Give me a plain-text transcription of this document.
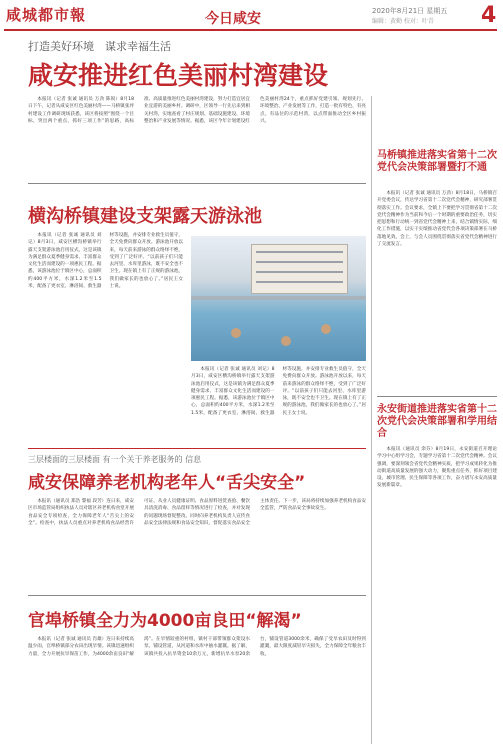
咸城都市報	今日咸安	2020年8月21日 星期五
编辑：黄勤 校对：叶青 4
打造美好环境　谋求幸福生活
咸安推进红色美丽村湾建设

本报讯（记者 张诚 通讯员 万劲 陈锐）8月18日下午，记者从咸安区红色美丽村湾——马桥镇张坪村建设工作调研现场获悉，该区将按照“围绕一个目标、突出两个重点、抓好三项工作”的思路，高标准、高质量推进红色美丽村湾建设，努力打造宜居宜业宜游的美丽乡村。调研中，区领导一行先后来到相关村湾，实地查看了村庄规划、基础设施建设、环境整治和产业发展等情况。据悉，该区今年计划建设红色美丽村湾24个，重点抓好党建引领、规划先行、环境整治、产业发展等工作，打造一批有特色、有亮点、有品位的示范村湾，以点带面推动全区乡村振兴。

横沟桥镇建设支架露天游泳池

本报讯（记者 张诚 通讯员 刘记）8月3日，咸安区横沟桥镇举行露天支架游泳池启用仪式，这是该镇为满足群众夏季健身需求、丰富群众文化生活而建设的一项惠民工程。据悉，该游泳池位于镇区中心，总面积约400平方米，水深1.2米至1.5米，配备了更衣室、淋浴间、救生器材等设施，并安排专业救生员值守，全天免费向群众开放。游泳池开放以来，每天前来游泳的群众络绎不绝，受到了广泛好评。“以前孩子们只能去河里、水库里游泳，既不安全也不卫生。现在镇上有了正规的游泳池，我们做家长的也放心了。”居民王女士说。

本报讯（记者 张诚 通讯员 刘记）8月3日，咸安区横沟桥镇举行露天支架游泳池启用仪式，这是该镇为满足群众夏季健身需求、丰富群众文化生活而建设的一项惠民工程。据悉，该游泳池位于镇区中心，总面积约400平方米，水深1.2米至1.5米，配备了更衣室、淋浴间、救生器材等设施，并安排专业救生员值守，全天免费向群众开放。游泳池开放以来，每天前来游泳的群众络绎不绝，受到了广泛好评。“以前孩子们只能去河里、水库里游泳，既不安全也不卫生。现在镇上有了正规的游泳池，我们做家长的也放心了。”居民王女士说。

三层楼面的三层楼面 有一个关于养老服务的 信息
咸安保障养老机构老年人“舌尖安全”

本报讯（通讯员 郑浩 黎福 段芳）连日来，咸安区市场监管局组织执法人员对辖区养老机构食堂开展食品安全专项检查，全力保障老年人“舌尖上的安全”。检查中，执法人员重点对养老机构食品经营许可证、从业人员健康证明、食品原料进货查验、餐饮具清洗消毒、食品留样等情况进行了检查，并对发现的问题现场督促整改。同时向养老机构负责人宣传食品安全法律法规和食品安全知识，督促落实食品安全主体责任。下一步，该局将持续加强养老机构食品安全监管，严防食品安全事故发生。

官埠桥镇全力为4000亩良田“解渴”

本报讯（记者 张诚 通讯员 肖雄）连日来持续高温少雨，官埠桥镇部分农田出现旱情。该镇迅速组织力量，全力开展抗旱保苗工作，为4000余亩良田“解渴”。在旱情较重的村组，镇村干部带领群众架设水泵、铺设管道，从河道和水库中抽水灌溉。据了解，该镇共投入抗旱资金10余万元，新增抗旱水泵20余台，铺设管道3000余米，确保了受旱农田及时得到灌溉，最大限度减轻旱灾损失，全力保障全年粮食丰收。

马桥镇推进落实省第十二次党代会决策部署暨打不通

本报讯（记者 张诚 通讯员 万劲）8月18日，马桥镇召开党委会议，传达学习省第十二次党代会精神，研究部署贯彻落实工作。会议要求，全镇上下要把学习贯彻省第十二次党代会精神作为当前和今后一个时期的重要政治任务，切实把思想和行动统一到省党代会精神上来，结合镇情实际，细化工作措施，以实干实绩推动省党代会各项决策部署在马桥落地见效。会上，与会人员围绕贯彻落实省党代会精神进行了交流发言。

永安街道推进落实省第十二次党代会决策部署和学用结合

本报讯（通讯员 余芬）8月19日，永安街道召开理论学习中心组学习会，专题学习省第十二次党代会精神。会议强调，要深刻领会省党代会精神实质，把学习成果转化为推动街道高质量发展的强大动力，聚焦重点任务，抓好项目建设、城市管理、民生保障等各项工作，奋力谱写永安高质量发展新篇章。
